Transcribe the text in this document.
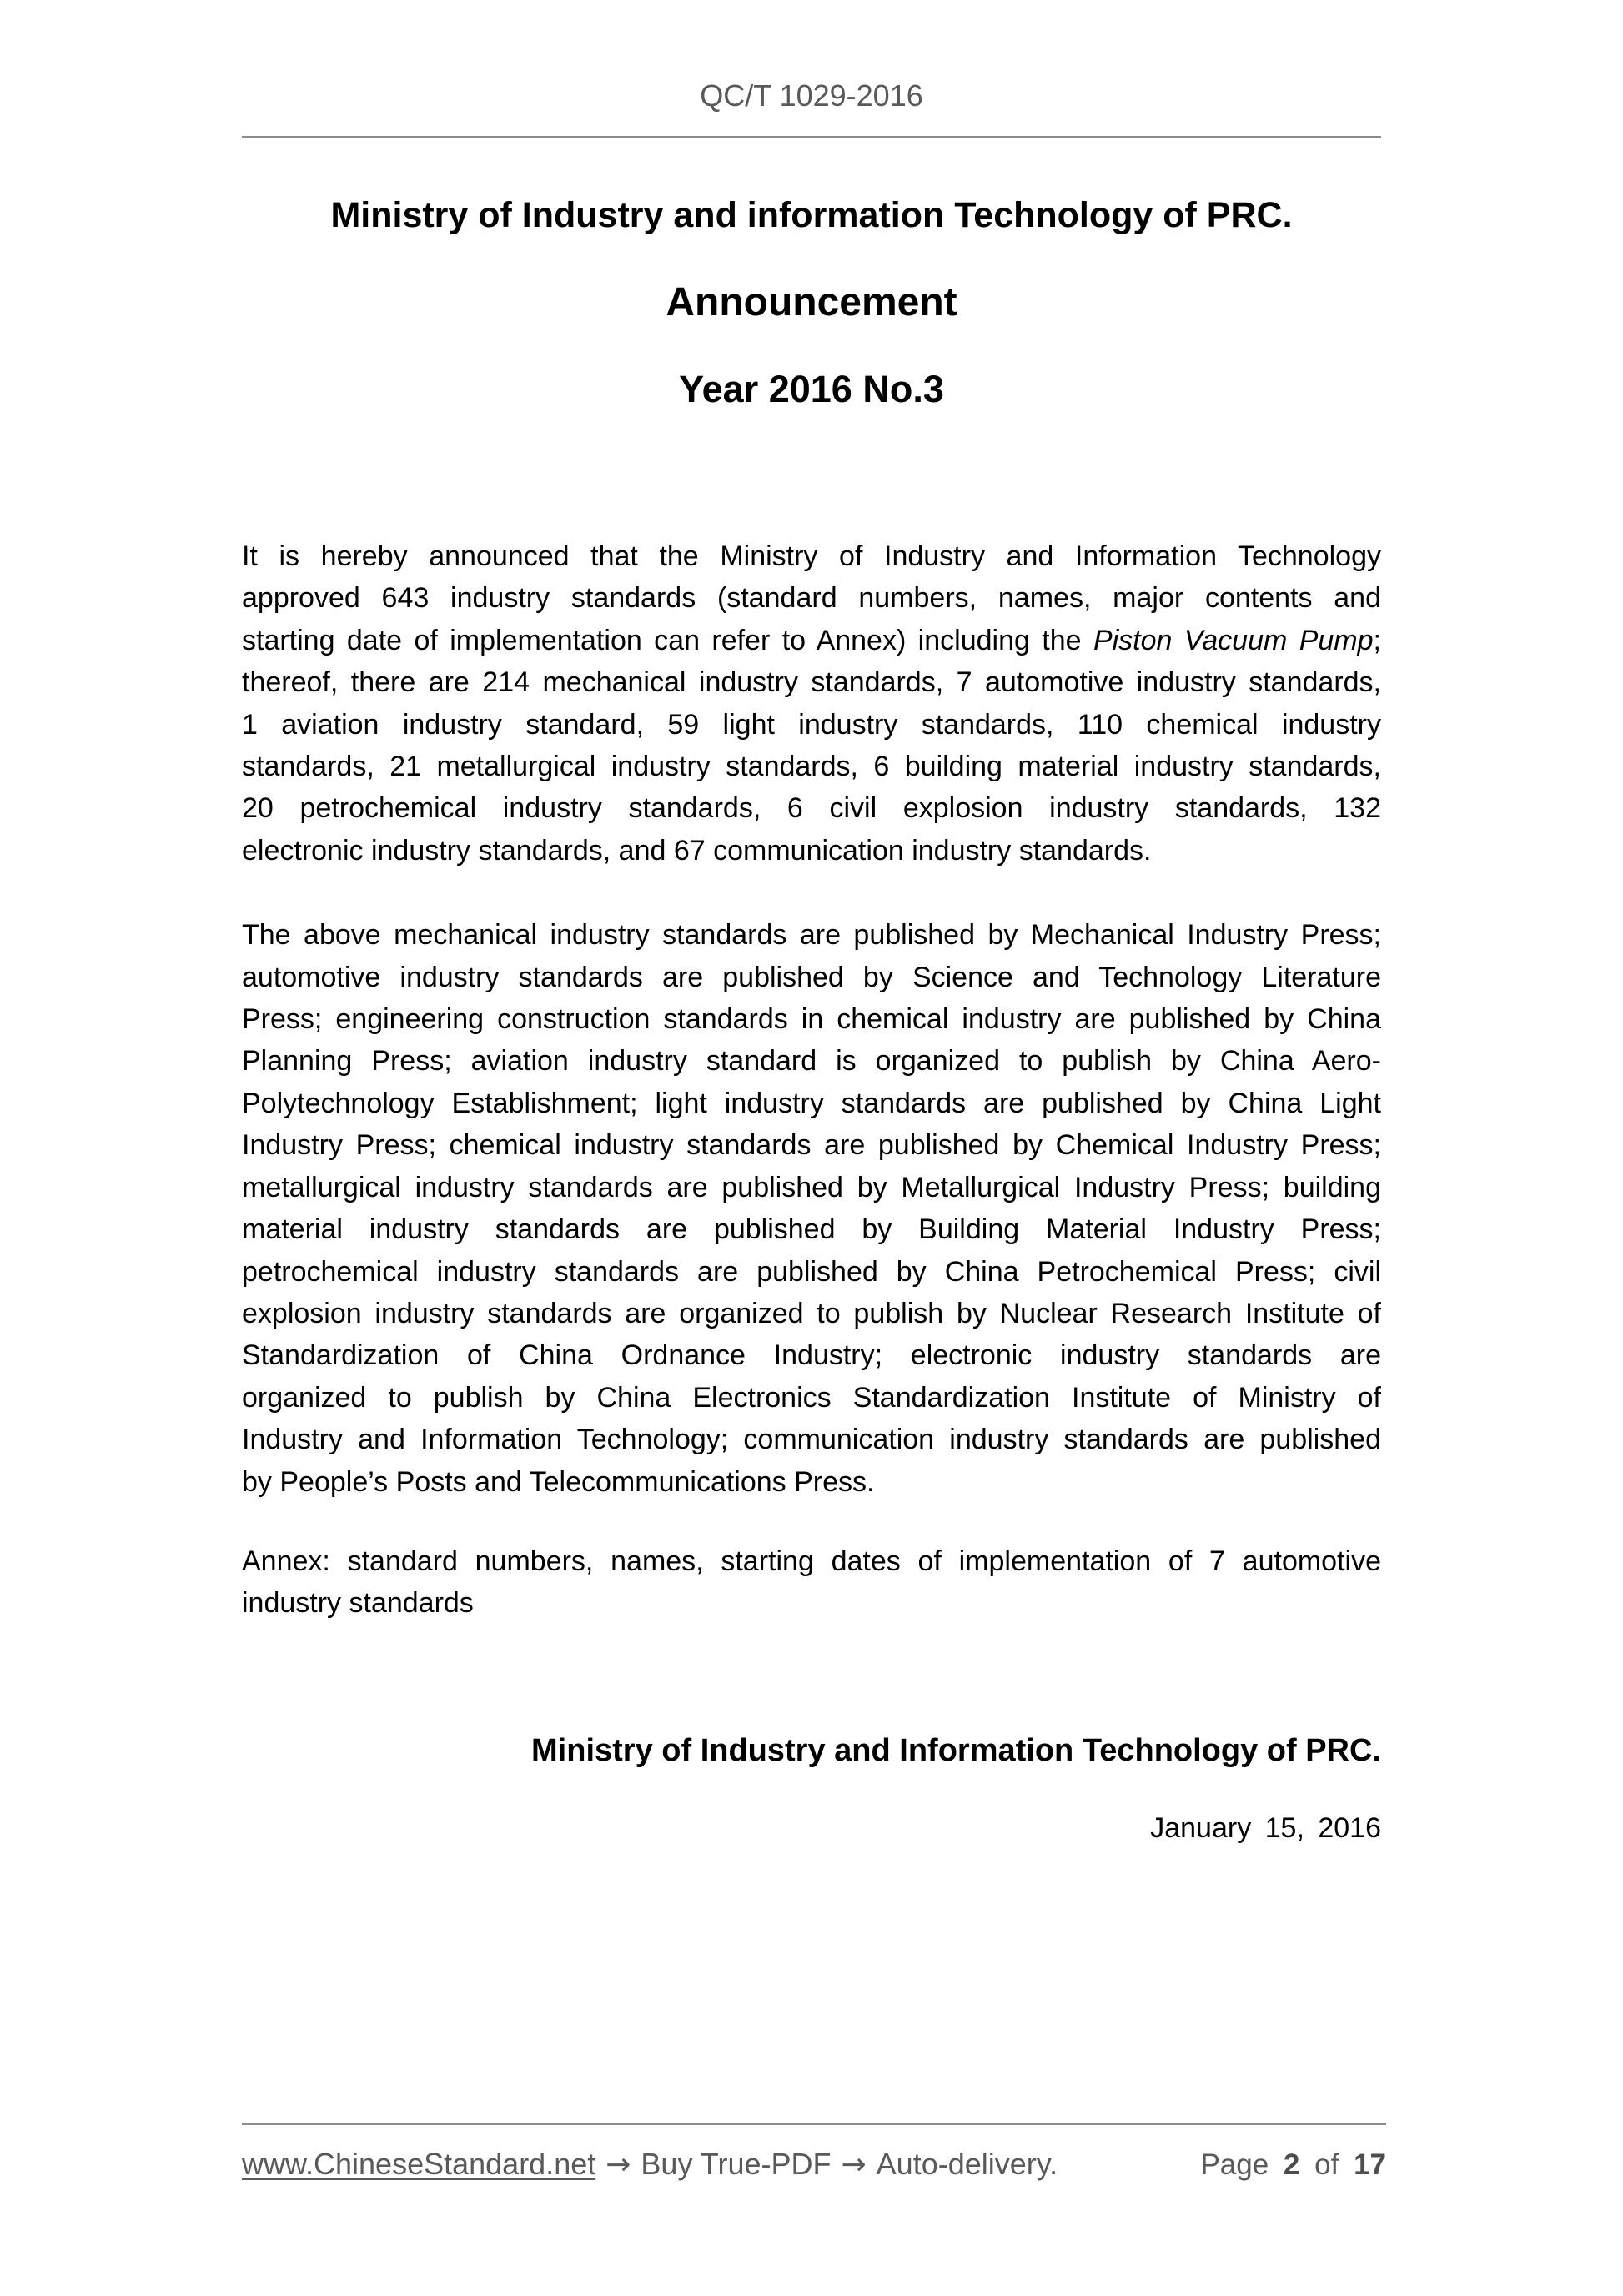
QC/T 1029-2016
Ministry of Industry and information Technology of PRC.
Announcement
Year 2016 No.3
It is hereby announced that the Ministry of Industry and Information Technology
approved 643 industry standards (standard numbers, names, major contents and
starting date of implementation can refer to Annex) including the Piston Vacuum Pump;
thereof, there are 214 mechanical industry standards, 7 automotive industry standards,
1 aviation industry standard, 59 light industry standards, 110 chemical industry
standards, 21 metallurgical industry standards, 6 building material industry standards,
20 petrochemical industry standards, 6 civil explosion industry standards, 132
electronic industry standards, and 67 communication industry standards.
The above mechanical industry standards are published by Mechanical Industry Press;
automotive industry standards are published by Science and Technology Literature
Press; engineering construction standards in chemical industry are published by China
Planning Press; aviation industry standard is organized to publish by China Aero-
Polytechnology Establishment; light industry standards are published by China Light
Industry Press; chemical industry standards are published by Chemical Industry Press;
metallurgical industry standards are published by Metallurgical Industry Press; building
material industry standards are published by Building Material Industry Press;
petrochemical industry standards are published by China Petrochemical Press; civil
explosion industry standards are organized to publish by Nuclear Research Institute of
Standardization of China Ordnance Industry; electronic industry standards are
organized to publish by China Electronics Standardization Institute of Ministry of
Industry and Information Technology; communication industry standards are published
by People’s Posts and Telecommunications Press.
Annex: standard numbers, names, starting dates of implementation of 7 automotive
industry standards
Ministry of Industry and Information Technology of PRC.
January 15, 2016
www.ChineseStandard.net → Buy True-PDF → Auto-delivery.	Page 2 of 17
